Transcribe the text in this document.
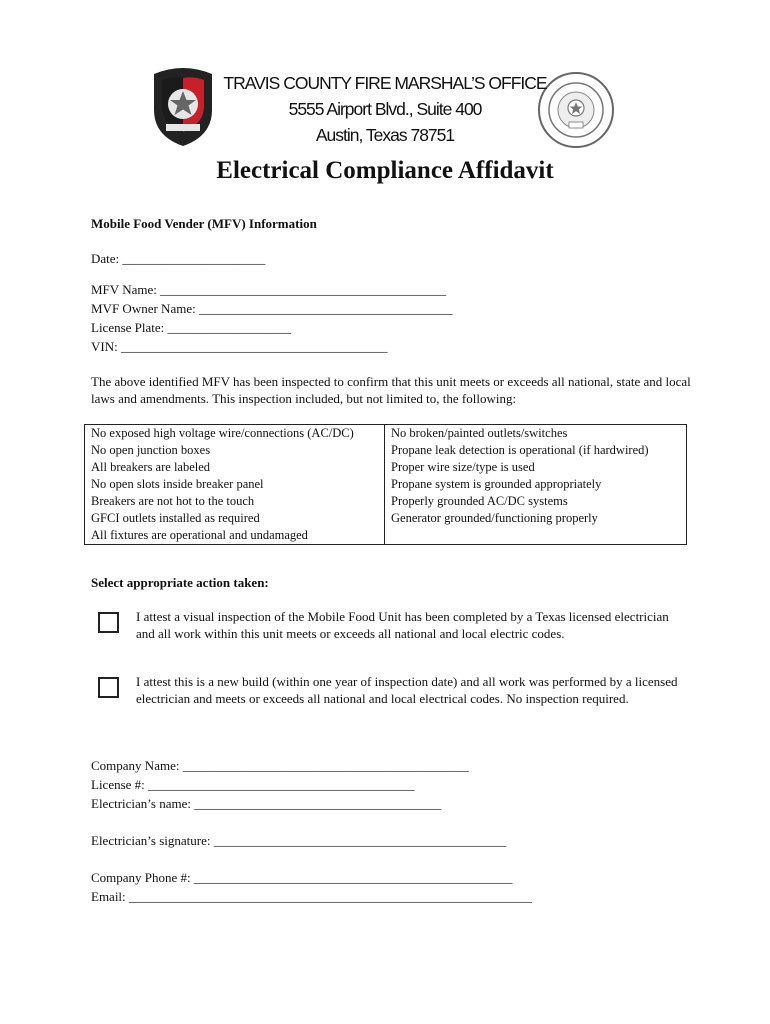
TRAVIS COUNTY FIRE MARSHAL’S OFFICE
5555 Airport Blvd., Suite 400
Austin, Texas 78751
Electrical Compliance Affidavit
Mobile Food Vender (MFV) Information
Date: ______________________
MFV Name: ____________________________________________
MVF Owner Name: _______________________________________
License Plate: ___________________
VIN: _________________________________________
The above identified MFV has been inspected to confirm that this unit meets or exceeds all national, state and local laws and amendments. This inspection included, but not limited to, the following:
No exposed high voltage wire/connections (AC/DC)	No broken/painted outlets/switches
No open junction boxes	Propane leak detection is operational (if hardwired)
All breakers are labeled	Proper wire size/type is used
No open slots inside breaker panel	Propane system is grounded appropriately
Breakers are not hot to the touch	Properly grounded AC/DC systems
GFCI outlets installed as required	Generator grounded/functioning properly
All fixtures are operational and undamaged	
Select appropriate action taken:
I attest a visual inspection of the Mobile Food Unit has been completed by a Texas licensed electrician and all work within this unit meets or exceeds all national and local electric codes.
I attest this is a new build (within one year of inspection date) and all work was performed by a licensed electrician and meets or exceeds all national and local electrical codes. No inspection required.
Company Name: ____________________________________________
License #: _________________________________________
Electrician’s name: ______________________________________
Electrician’s signature: _____________________________________________
Company Phone #: _________________________________________________
Email: ______________________________________________________________
